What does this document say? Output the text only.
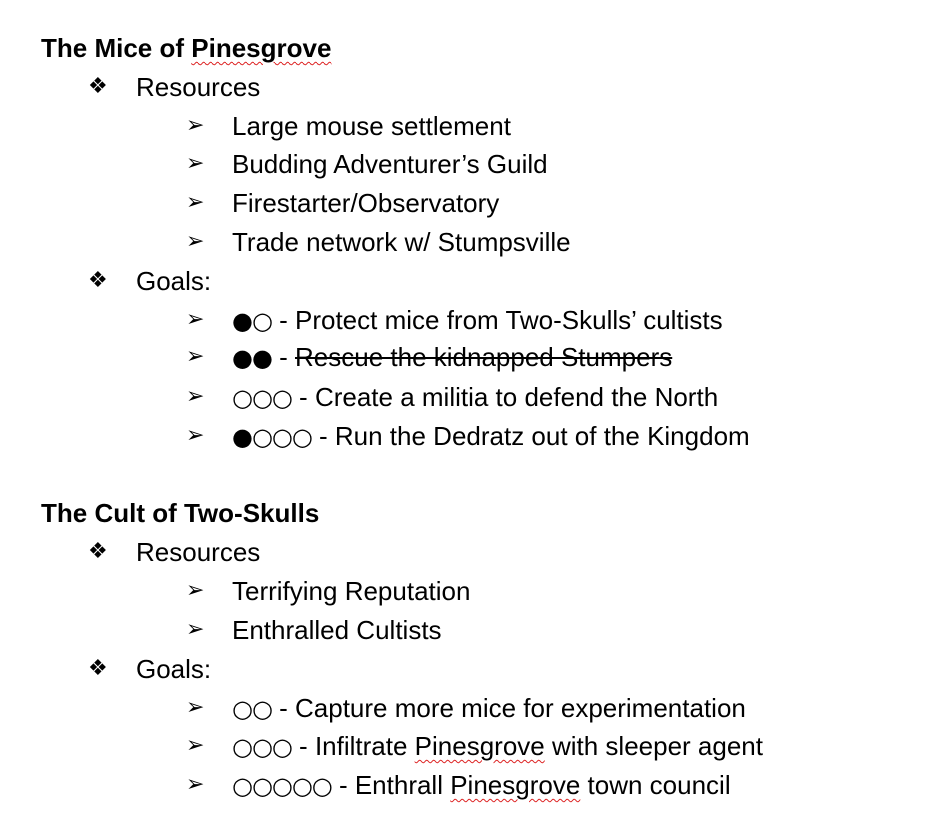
The Mice of Pinesgrove
❖ Resources
➢ Large mouse settlement
➢ Budding Adventurer’s Guild
➢ Firestarter/Observatory
➢ Trade network w/ Stumpsville
❖ Goals:
➢ ●○ - Protect mice from Two-Skulls’ cultists
➢ ●● - Rescue the kidnapped Stumpers
➢ ○○○ - Create a militia to defend the North
➢ ●○○○ - Run the Dedratz out of the Kingdom
The Cult of Two-Skulls
❖ Resources
➢ Terrifying Reputation
➢ Enthralled Cultists
❖ Goals:
➢ ○○ - Capture more mice for experimentation
➢ ○○○ - Infiltrate Pinesgrove with sleeper agent
➢ ○○○○○ - Enthrall Pinesgrove town council
